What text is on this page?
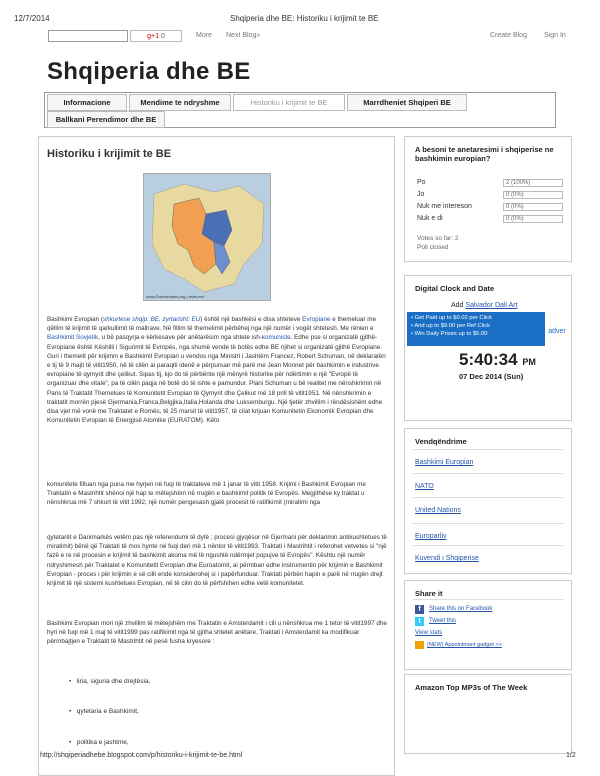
12/7/2014	Shqiperia dhe BE: Historiku i krijimit te BE
g+1 0	More Next Blog»	Create Blog Sign In
Shqiperia dhe BE
Informacione	Mendime te ndryshme	Historiku i krijimit te BE	Marrdheniet Shqiperi BE
Ballkani Perendimor dhe BE
Historiku i krijimit te BE
www.Greekshares.org | www.net
Bashkimi Evropian (shkurtese shqip: BE, zyrtarisht: EU) është një bashkësi e disa shteteve Evropiane e themeluar me qëllim të krijimit të qarkullimit të mallrave. Në fillim të themelimit përbëhej nga një numër i vogël shtetesh. Me rënien e Bashkimit Sovjetik, u bë pasqyrja e kërkesave për anëtarësim nga shtete ish-komuniste. Edhe pse si organizatë gjithë-Evropiane është Këshilli i Sigurimit të Evropës, nga shumë vende të botës edhe BE njihet si organizatë gjithë Evropiane. Guri i themelit për krijimin e Bashkimit Evropian u vendos nga Ministri i Jashtëm Francez, Robert Schuman, në deklaratën e tij të 9 majit të vitit1950, në të cilën ai paraqiti idenë e përpunuar më parë me Jean Monnet për bashkimin e industrive evropiane të qymyrit dhe çelikut. Sipas tij, kjo do të përbënte një mënyrë historike për ndërtimin e një "Evropë të organizuar dhe vitale", pa të cilën paqja në botë do të ishte e pamundur. Plani Schuman u bë realitet me nënshkrimin në Paris të Traktatit Themelues të Komunitetit Evropian të Qymyrit dhe Çelikut më 18 prill të vitit1951. Në nënshkrimin e traktatit morrën pjesë Gjermania,Franca,Belgjika,Italia,Holanda dhe Luksemburgu. Një tjetër zhvillim i rëndësishëm edhe disa vjet më vonë me Traktatet e Romës, të 25 marsit të vitit1957, të cilat krijuan Komunitetin Ekonomik Evropian dhe Komunitetin Evropian të Energjisë Atomike (EURATOM). Këto
komunitete filluan nga puna me hyrjen në fuqi të traktateve më 1 janar të vitit 1958. Krijimi i Bashkimit Evropian me Traktatin e Mastrihtit shënoi një hap te mëtejshëm në rrugën e bashkimit politik të Evropës. Megjithëse ky traktat u nënshkrua më 7 shkurt të vitit 1992, një numër pengesash gjatë procesit të ratifikimit (miratimi nga
qytetarët e Danimarkës vetëm pas një referendumi të dytë ; procesi gjyqësor në Gjermani për deklarimin antikushtetues të miratimit) bënë që Traktati të mos hynte në fuqi deri më 1 nëntor të vitit1993. Traktati i Mastrihtit i referohet vetvetes si "një fazë e re në procesin e krijimit të bashkimit akoma më të ngushtë ndërmjet popujve të Evropës". Kështu një numër ndryshimesh për Traktatet e Komunitetit Evropian dhe Euroatomit, ai përmban edhe instrumentin për krijimin e Bashkimit Evropian - proces i për krijimin e së cilit ende konsiderohej si i papërfunduar. Traktati përbën hapin e parë në rrugën drejt krijimit të një sistemi kushtetues Evropian, në të cilin do të përfshihen edhe vetë komunitetet.
Bashkimi Evropian mori një zhvillim të mëtejshëm me Traktatin e Amsterdamit i cili u nënshkrua me 1 tetor të vitit1997 dhe hyri në fuqi më 1 maj të vitit1999 pas ratifikimit nga të gjitha shtetet anëtare. Traktati i Amsterdamit ka modifikuar përmbajtjen e Traktatit të Mastrihtit në pesë fusha kryesore :
•   liria, siguria dhe drejtësia,
•   qytetaria e Bashkimit,
•   politika e jashtme,
A besoni te anetaresimi i shqiperise ne bashkimin europian?
Po	2 (100%)
Jo	0 (0%)
Nuk me intereson	0 (0%)
Nuk e di	0 (0%)
Votes so far: 2
Poll closed
Digital Clock and Date
Add Salvador Dali Art
• Get Paid up to $0.02 per Click
• And up to $9.00 per Ref Click
• Win Daily Prizes up to $5.00	adver
5:40:34 PM
07 Dec 2014 (Sun)
Vendqëndrime
Bashkimi Europian
NATO
United Nations
Europarliv
Kuvendi i Shqiperise
Share it
f	Share this on Facebook
t	Tweet this
View stats
(NEW) Appointment gadget >>
Amazon Top MP3s of The Week
http://shqiperiadhebe.blogspot.com/p/historiku-i-krijimit-te-be.html	1/2
